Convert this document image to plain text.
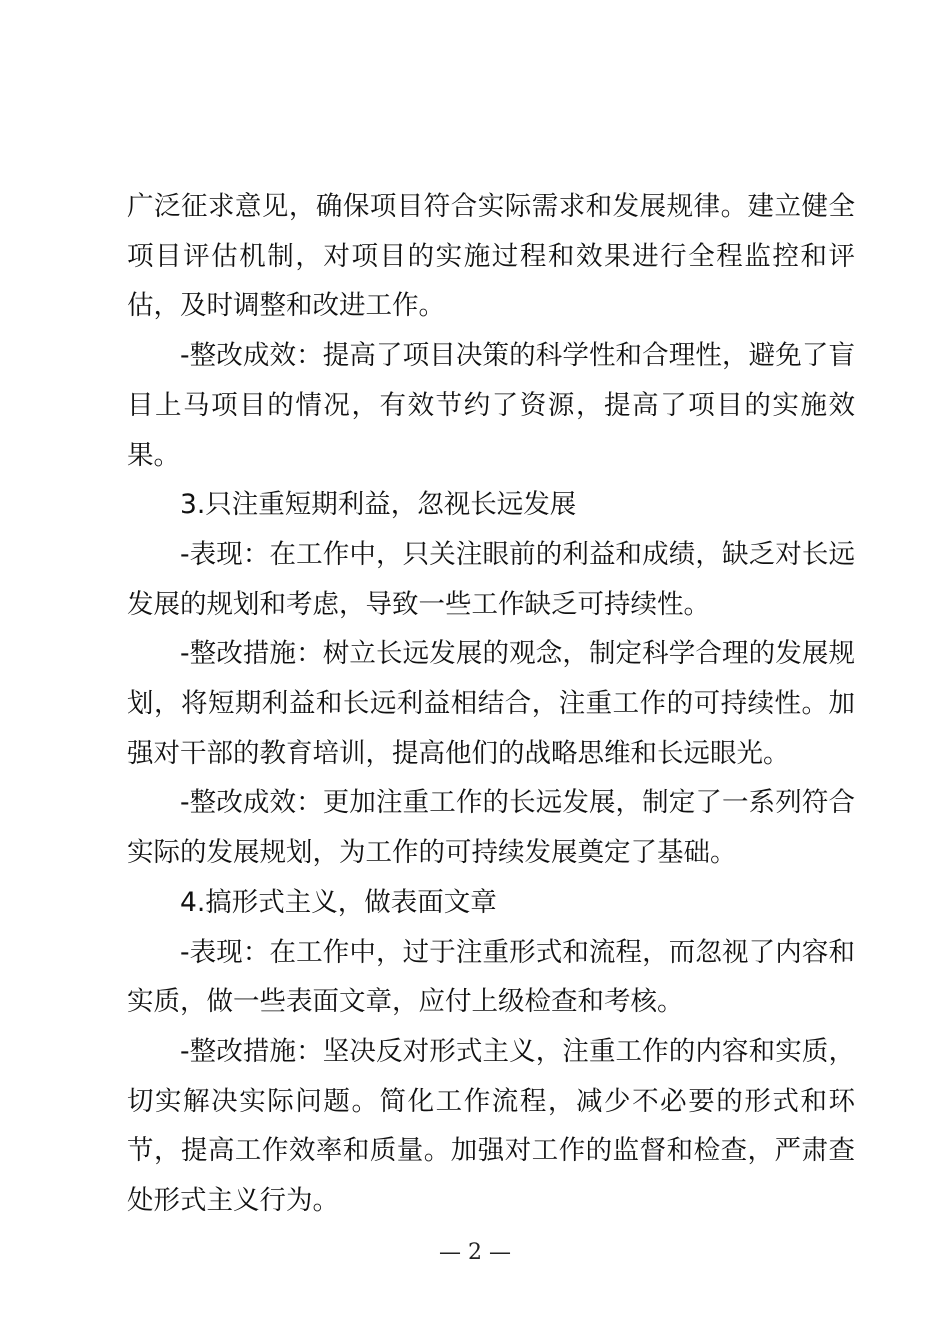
广泛征求意见，确保项目符合实际需求和发展规律。建立健全项目评估机制，对项目的实施过程和效果进行全程监控和评估，及时调整和改进工作。

-整改成效：提高了项目决策的科学性和合理性，避免了盲目上马项目的情况，有效节约了资源，提高了项目的实施效果。

3.只注重短期利益，忽视长远发展

-表现：在工作中，只关注眼前的利益和成绩，缺乏对长远发展的规划和考虑，导致一些工作缺乏可持续性。

-整改措施：树立长远发展的观念，制定科学合理的发展规划，将短期利益和长远利益相结合，注重工作的可持续性。加强对干部的教育培训，提高他们的战略思维和长远眼光。

-整改成效：更加注重工作的长远发展，制定了一系列符合实际的发展规划，为工作的可持续发展奠定了基础。

4.搞形式主义，做表面文章

-表现：在工作中，过于注重形式和流程，而忽视了内容和实质，做一些表面文章，应付上级检查和考核。

-整改措施：坚决反对形式主义，注重工作的内容和实质，切实解决实际问题。简化工作流程，减少不必要的形式和环节，提高工作效率和质量。加强对工作的监督和检查，严肃查处形式主义行为。

— 2 —
